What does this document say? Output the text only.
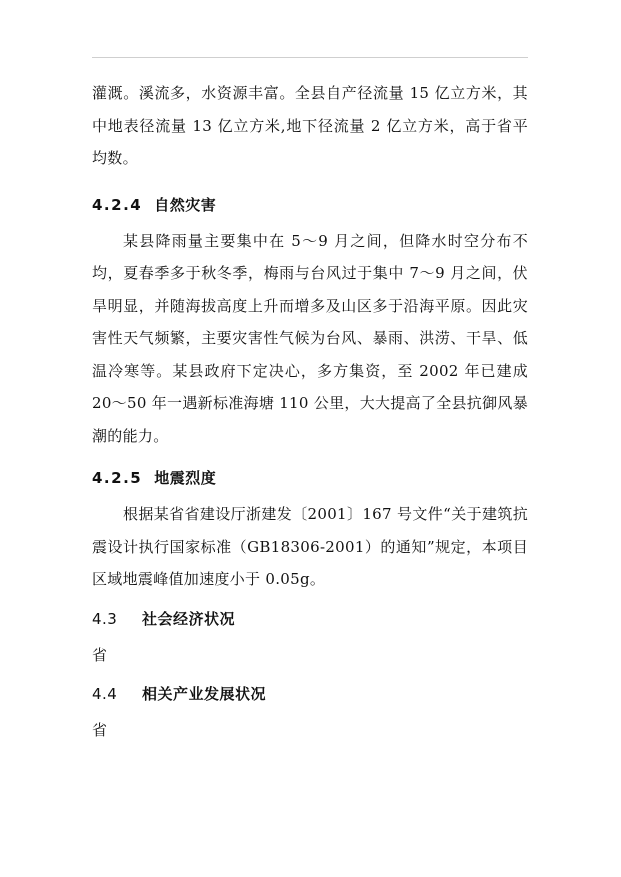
灌溉。溪流多，水资源丰富。全县自产径流量 15 亿立方米，其中地表径流量 13 亿立方米,地下径流量 2 亿立方米，高于省平均数。

4.2.4 自然灾害

某县降雨量主要集中在 5～9 月之间，但降水时空分布不均，夏春季多于秋冬季，梅雨与台风过于集中 7～9 月之间，伏旱明显，并随海拔高度上升而增多及山区多于沿海平原。因此灾害性天气频繁，主要灾害性气候为台风、暴雨、洪涝、干旱、低温冷寒等。某县政府下定决心，多方集资，至 2002 年已建成 20～50 年一遇新标准海塘 110 公里，大大提高了全县抗御风暴潮的能力。

4.2.5 地震烈度

根据某省省建设厅浙建发〔2001〕167 号文件“关于建筑抗震设计执行国家标准（GB18306-2001）的通知”规定，本项目区域地震峰值加速度小于 0.05g。

4.3 社会经济状况

省

4.4 相关产业发展状况

省
